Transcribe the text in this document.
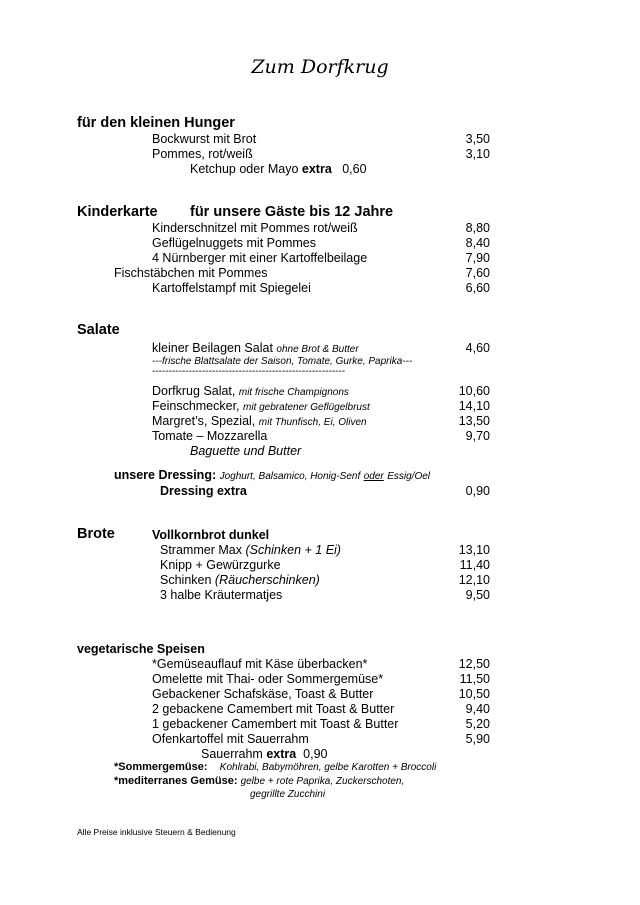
Zum Dorfkrug
für den kleinen Hunger
Bockwurst mit Brot	3,50
Pommes, rot/weiß	3,10
Ketchup oder Mayo extra 0,60
Kinderkarte für unsere Gäste bis 12 Jahre
Kinderschnitzel mit Pommes rot/weiß	8,80
Geflügelnuggets mit Pommes	8,40
4 Nürnberger mit einer Kartoffelbeilage	7,90
Fischstäbchen mit Pommes	7,60
Kartoffelstampf mit Spiegelei	6,60
Salate
kleiner Beilagen Salat ohne Brot & Butter	4,60
---frische Blattsalate der Saison, Tomate, Gurke, Paprika---
----------------------------------------------------------
Dorfkrug Salat, mit frische Champignons	10,60
Feinschmecker, mit gebratener Geflügelbrust	14,10
Margret’s, Spezial, mit Thunfisch, Ei, Oliven	13,50
Tomate – Mozzarella	9,70
Baguette und Butter
unsere Dressing: Joghurt, Balsamico, Honig-Senf oder Essig/Oel
Dressing extra	0,90
Brote	Vollkornbrot dunkel
Strammer Max (Schinken + 1 Ei)	13,10
Knipp + Gewürzgurke	11,40
Schinken (Räucherschinken)	12,10
3 halbe Kräutermatjes	9,50
vegetarische Speisen
*Gemüseauflauf mit Käse überbacken*	12,50
Omelette mit Thai- oder Sommergemüse*	11,50
Gebackener Schafskäse, Toast & Butter	10,50
2 gebackene Camembert mit Toast & Butter	9,40
1 gebackener Camembert mit Toast & Butter	5,20
Ofenkartoffel mit Sauerrahm	5,90
Sauerrahm extra 0,90
*Sommergemüse: Kohlrabi, Babymöhren, gelbe Karotten + Broccoli
*mediterranes Gemüse: gelbe + rote Paprika, Zuckerschoten,
gegrillte Zucchini
Alle Preise inklusive Steuern & Bedienung
